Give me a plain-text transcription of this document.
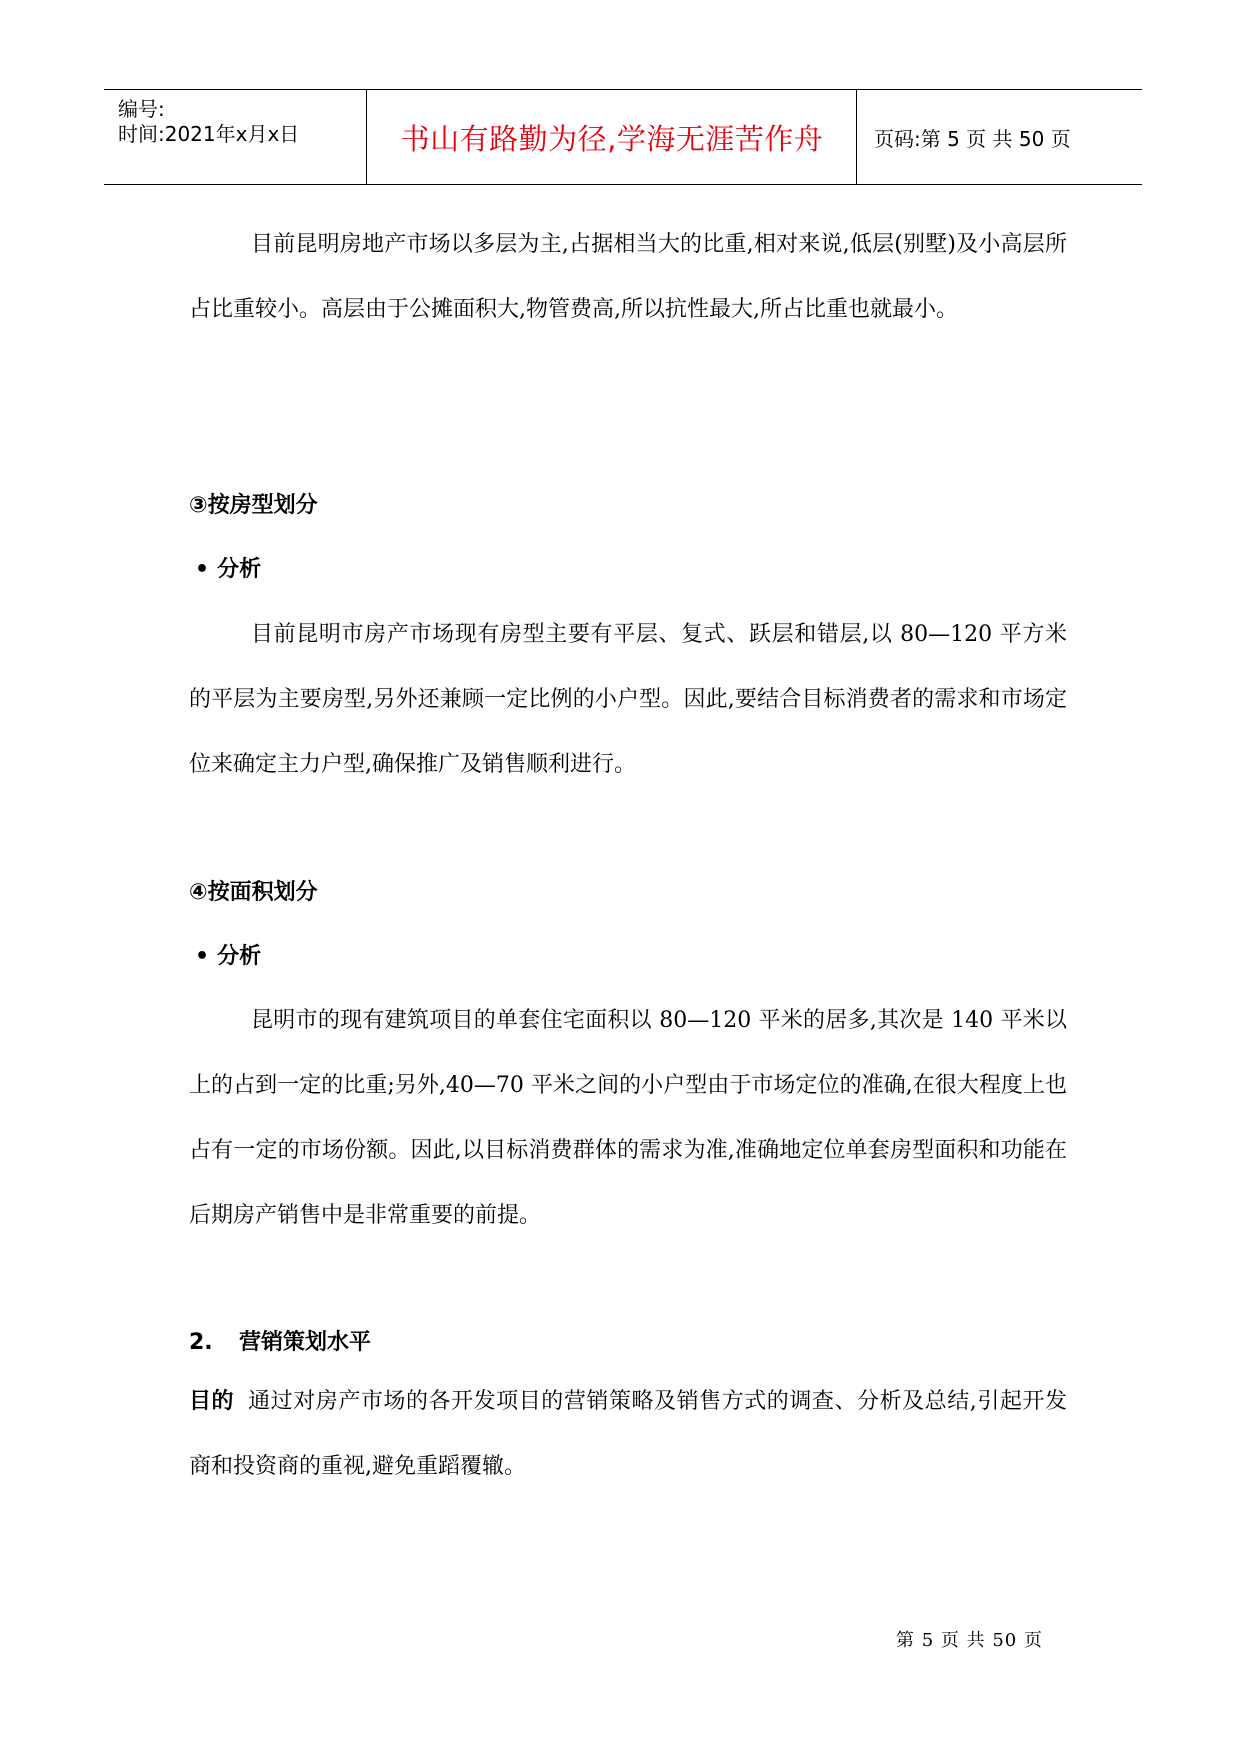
编号:
时间:2021年x月x日	书山有路勤为径,学海无涯苦作舟	页码:第 5 页 共 50 页

目前昆明房地产市场以多层为主,占据相当大的比重,相对来说,低层(别墅)及小高层所占比重较小。高层由于公摊面积大,物管费高,所以抗性最大,所占比重也就最小。

③按房型划分

• 分析

目前昆明市房产市场现有房型主要有平层、复式、跃层和错层,以 80—120 平方米的平层为主要房型,另外还兼顾一定比例的小户型。因此,要结合目标消费者的需求和市场定位来确定主力户型,确保推广及销售顺利进行。

④按面积划分

• 分析

昆明市的现有建筑项目的单套住宅面积以 80—120 平米的居多,其次是 140 平米以上的占到一定的比重;另外,40—70 平米之间的小户型由于市场定位的准确,在很大程度上也占有一定的市场份额。因此,以目标消费群体的需求为准,准确地定位单套房型面积和功能在后期房产销售中是非常重要的前提。

2. 营销策划水平

目的 通过对房产市场的各开发项目的营销策略及销售方式的调查、分析及总结,引起开发商和投资商的重视,避免重蹈覆辙。

第 5 页 共 50 页
